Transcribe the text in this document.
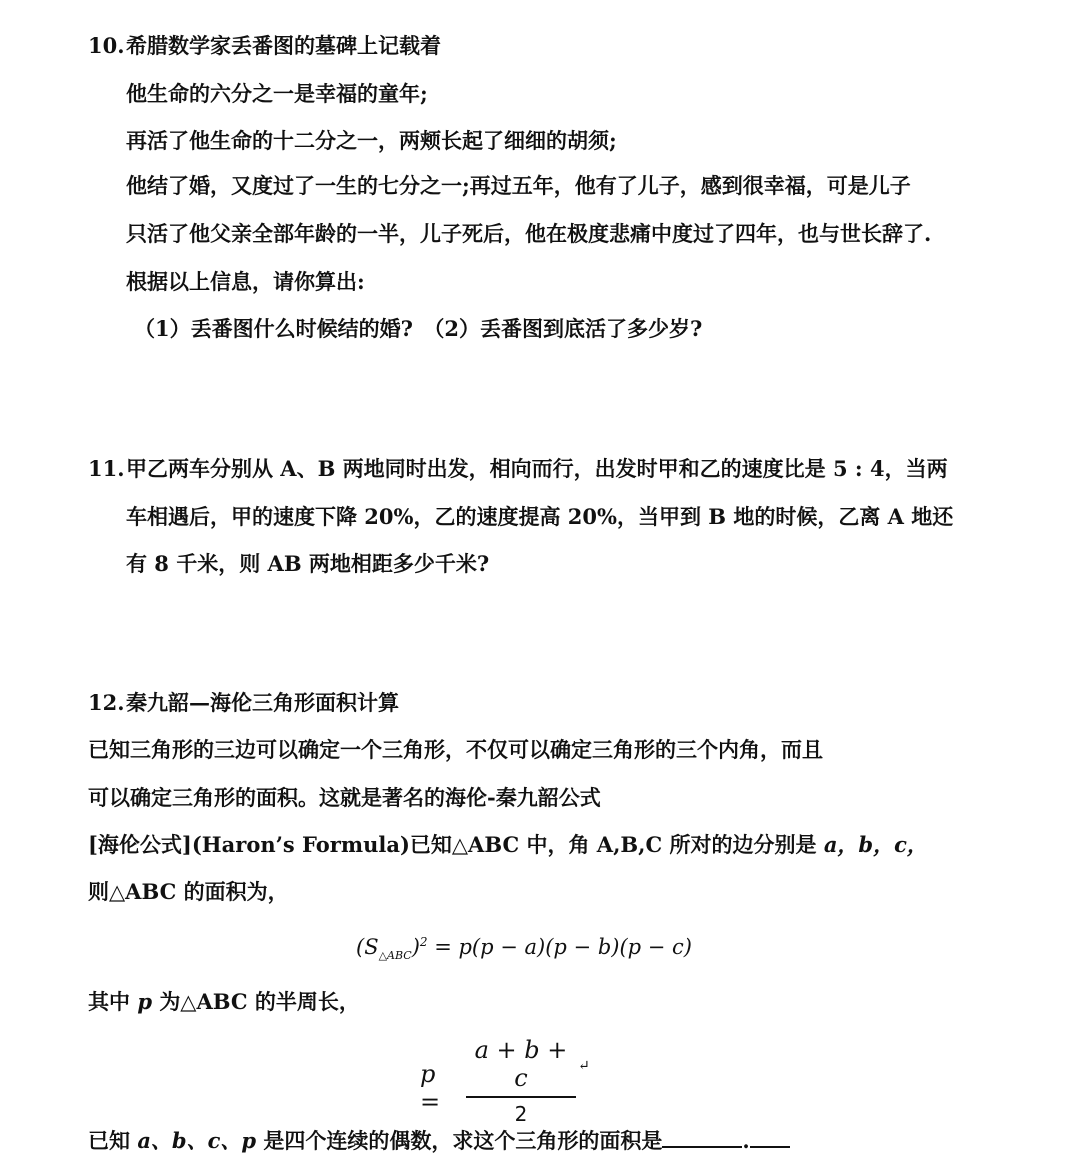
10.希腊数学家丢番图的墓碑上记载着
他生命的六分之一是幸福的童年;
再活了他生命的十二分之一，两颊长起了细细的胡须;
他结了婚，又度过了一生的七分之一;再过五年，他有了儿子，感到很幸福，可是儿子
只活了他父亲全部年龄的一半，儿子死后，他在极度悲痛中度过了四年，也与世长辞了.
根据以上信息，请你算出:
（1）丢番图什么时候结的婚?　（2）丢番图到底活了多少岁?
11.甲乙两车分别从 A、B 两地同时出发，相向而行，出发时甲和乙的速度比是 5 : 4，当两
车相遇后，甲的速度下降 20%，乙的速度提高 20%，当甲到 B 地的时候，乙离 A 地还
有 8 千米，则 AB 两地相距多少千米?
12.秦九韶—海伦三角形面积计算
已知三角形的三边可以确定一个三角形，不仅可以确定三角形的三个内角，而且
可以确定三角形的面积。这就是著名的海伦-秦九韶公式
[海伦公式](Haron’s Formula)已知△ABC 中，角 A,B,C 所对的边分别是 a，b，c，
则△ABC 的面积为，
$(S_{\triangle ABC})^2 = p(p - a)(p - b)(p - c)$
其中 p 为△ABC 的半周长，
p =
a + b + c
2
↵
已知 a、b、c、p 是四个连续的偶数，求这个三角形的面积是	.
